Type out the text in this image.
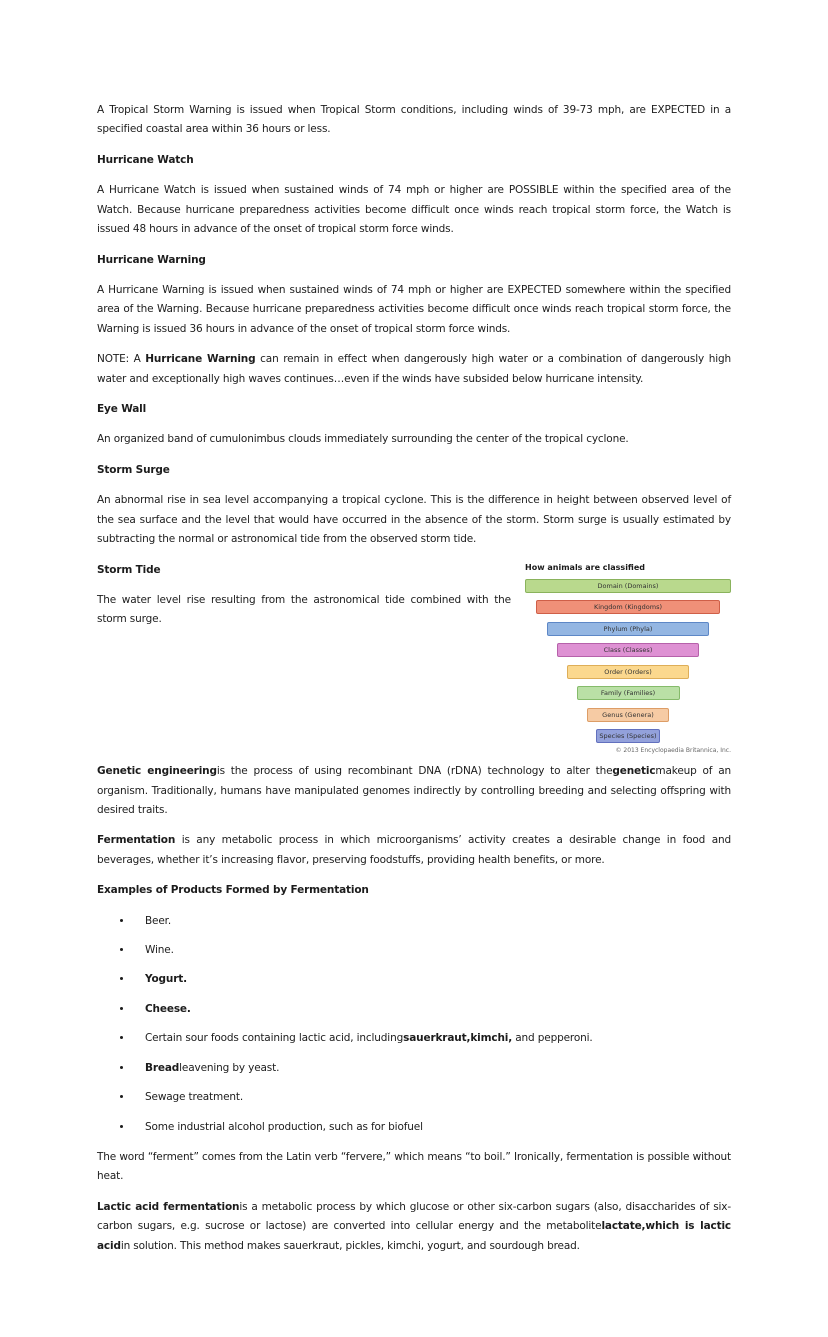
A Tropical Storm Warning is issued when Tropical Storm conditions, including winds of 39-73 mph, are EXPECTED in a specified coastal area within 36 hours or less.

Hurricane Watch

A Hurricane Watch is issued when sustained winds of 74 mph or higher are POSSIBLE within the specified area of the Watch. Because hurricane preparedness activities become difficult once winds reach tropical storm force, the Watch is issued 48 hours in advance of the onset of tropical storm force winds.

Hurricane Warning

A Hurricane Warning is issued when sustained winds of 74 mph or higher are EXPECTED somewhere within the specified area of the Warning. Because hurricane preparedness activities become difficult once winds reach tropical storm force, the Warning is issued 36 hours in advance of the onset of tropical storm force winds.

NOTE: A Hurricane Warning can remain in effect when dangerously high water or a combination of dangerously high water and exceptionally high waves continues…even if the winds have subsided below hurricane intensity.

Eye Wall

An organized band of cumulonimbus clouds immediately surrounding the center of the tropical cyclone.

Storm Surge

An abnormal rise in sea level accompanying a tropical cyclone. This is the difference in height between observed level of the sea surface and the level that would have occurred in the absence of the storm. Storm surge is usually estimated by subtracting the normal or astronomical tide from the observed storm tide.

How animals are classified
Domain (Domains)
Kingdom (Kingdoms)
Phylum (Phyla)
Class (Classes)
Order (Orders)
Family (Families)
Genus (Genera)
Species (Species)
© 2013 Encyclopaedia Britannica, Inc.
Storm Tide

The water level rise resulting from the astronomical tide combined with the storm surge.

Genetic engineeringis the process of using recombinant DNA (rDNA) technology to alter thegeneticmakeup of an organism. Traditionally, humans have manipulated genomes indirectly by controlling breeding and selecting offspring with desired traits.

Fermentation is any metabolic process in which microorganisms’ activity creates a desirable change in food and beverages, whether it’s increasing flavor, preserving foodstuffs, providing health benefits, or more.

Examples of Products Formed by Fermentation
• Beer.
• Wine.
• Yogurt.
• Cheese.
• Certain sour foods containing lactic acid, includingsauerkraut,kimchi, and pepperoni.
• Breadleavening by yeast.
• Sewage treatment.
• Some industrial alcohol production, such as for biofuel

The word “ferment” comes from the Latin verb “fervere,” which means “to boil.” Ironically, fermentation is possible without heat.

Lactic acid fermentationis a metabolic process by which glucose or other six-carbon sugars (also, disaccharides of six-carbon sugars, e.g. sucrose or lactose) are converted into cellular energy and the metabolitelactate,which is lactic acidin solution. This method makes sauerkraut, pickles, kimchi, yogurt, and sourdough bread.
